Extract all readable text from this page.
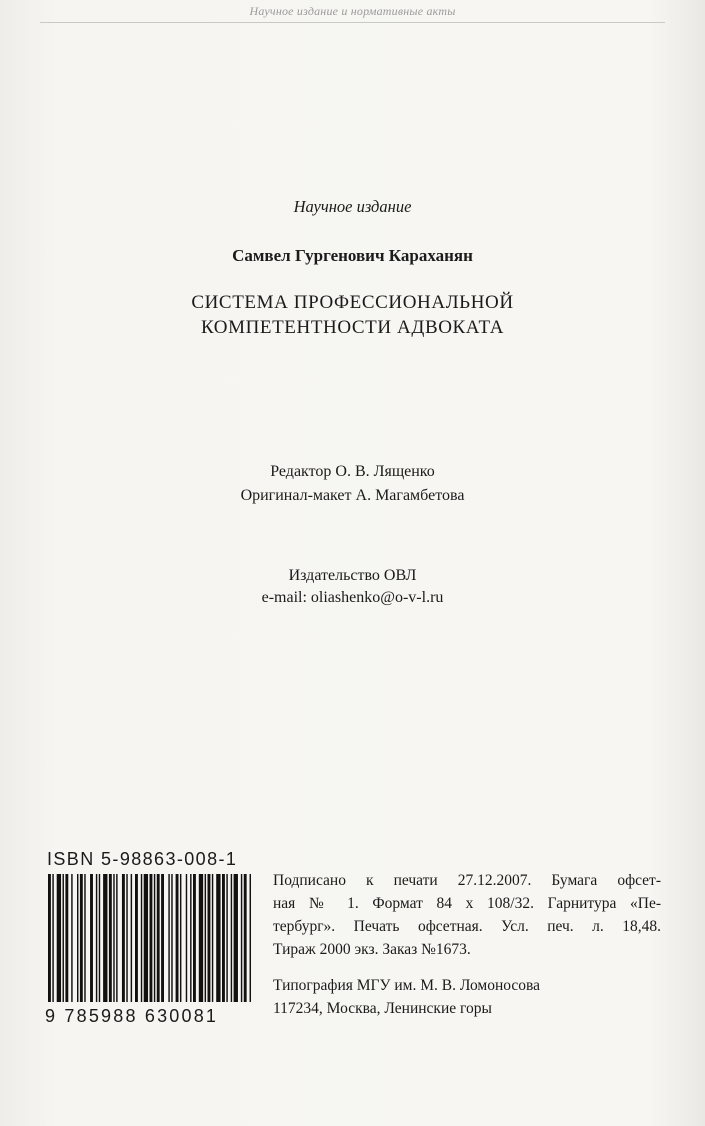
Научное издание и нормативные акты

Научное издание
Самвел Гургенович Караханян
СИСТЕМА ПРОФЕССИОНАЛЬНОЙ
КОМПЕТЕНТНОСТИ АДВОКАТА
Редактор О. В. Лященко
Оригинал-макет А. Магамбетова
Издательство ОВЛ
e-mail: oliashenko@o-v-l.ru
ISBN 5-98863-008-1
9 785988 630081
Подписано к печати 27.12.2007. Бумага офсет-
ная № 1. Формат 84 х 108/32. Гарнитура «Пе-
тербург». Печать офсетная. Усл. печ. л. 18,48.
Тираж 2000 экз. Заказ №1673.
Типография МГУ им. М. В. Ломоносова
117234, Москва, Ленинские горы
